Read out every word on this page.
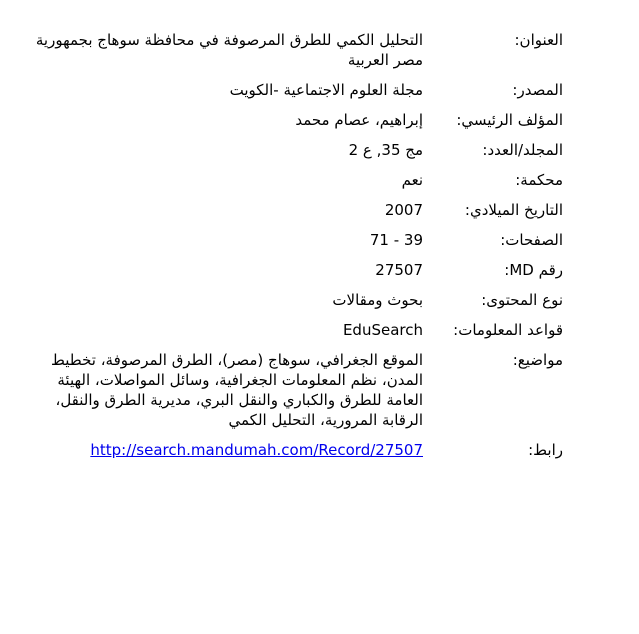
العنوان:
التحليل الكمي للطرق المرصوفة في محافظة سوهاج بجمهورية مصر العربية
المصدر:
مجلة العلوم الاجتماعية -الكويت
المؤلف الرئيسي:
إبراهيم، عصام محمد
المجلد/العدد:
مج 35, ع 2
محكمة:
نعم
التاريخ الميلادي:
2007
الصفحات:
39 - 71
رقم MD:
27507
نوع المحتوى:
بحوث ومقالات
قواعد المعلومات:
EduSearch
مواضيع:
الموقع الجغرافي، سوهاج (مصر)، الطرق المرصوفة، تخطيط المدن، نظم المعلومات الجغرافية، وسائل المواصلات، الهيئة العامة للطرق والكباري والنقل البري، مديرية الطرق والنقل، الرقابة المرورية، التحليل الكمي
رابط:
http://search.mandumah.com/Record/27507
